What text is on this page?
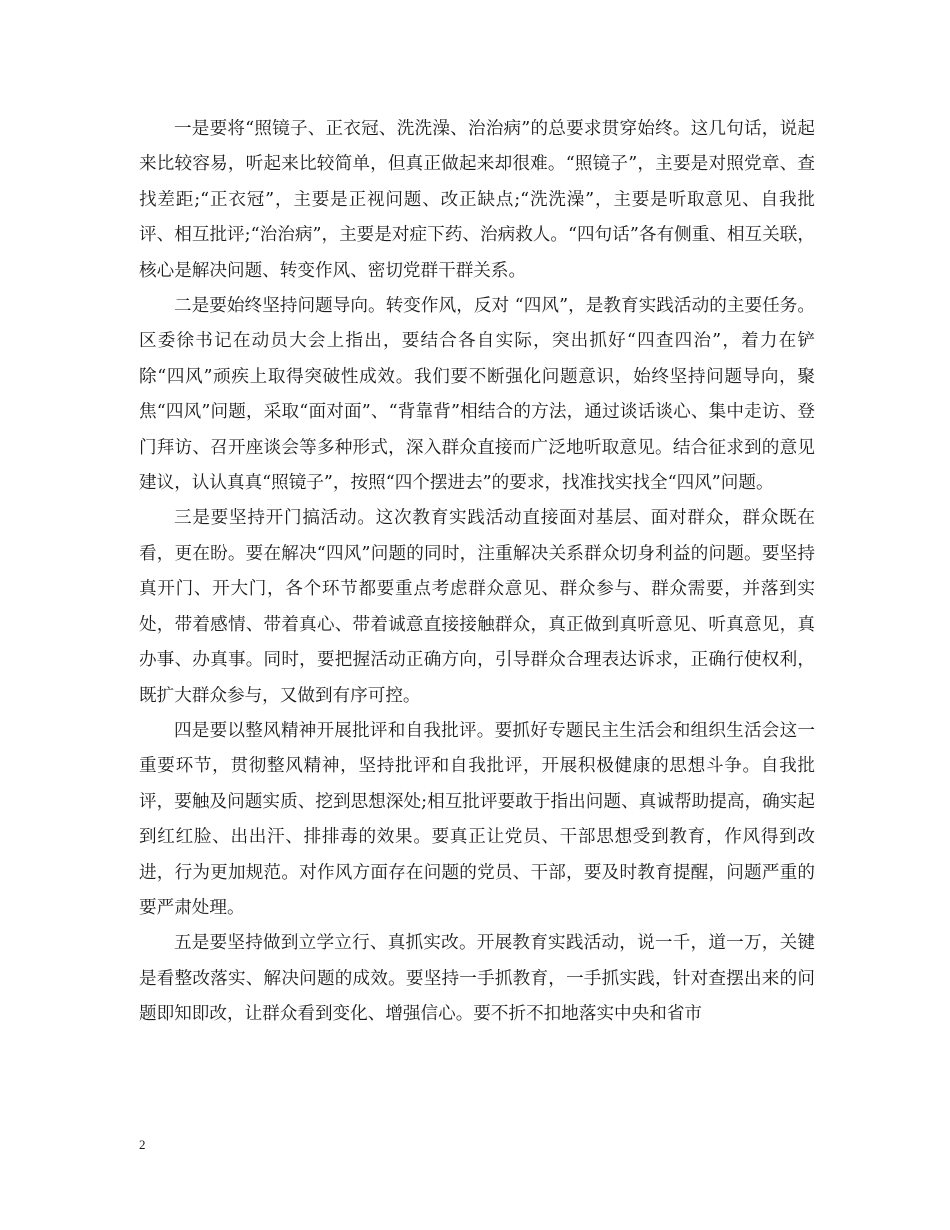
一是要将“照镜子、正衣冠、洗洗澡、治治病”的总要求贯穿始终。这几句话，说起来比较容易，听起来比较简单，但真正做起来却很难。“照镜子”，主要是对照党章、查找差距;“正衣冠”，主要是正视问题、改正缺点;“洗洗澡”，主要是听取意见、自我批评、相互批评;“治治病”，主要是对症下药、治病救人。“四句话”各有侧重、相互关联，核心是解决问题、转变作风、密切党群干群关系。

二是要始终坚持问题导向。转变作风，反对 “四风”，是教育实践活动的主要任务。区委徐书记在动员大会上指出，要结合各自实际，突出抓好“四查四治”，着力在铲除“四风”顽疾上取得突破性成效。我们要不断强化问题意识，始终坚持问题导向，聚焦“四风”问题，采取“面对面”、“背靠背”相结合的方法，通过谈话谈心、集中走访、登门拜访、召开座谈会等多种形式，深入群众直接而广泛地听取意见。结合征求到的意见建议，认认真真“照镜子”，按照“四个摆进去”的要求，找准找实找全“四风”问题。

三是要坚持开门搞活动。这次教育实践活动直接面对基层、面对群众，群众既在看，更在盼。要在解决“四风”问题的同时，注重解决关系群众切身利益的问题。要坚持真开门、开大门，各个环节都要重点考虑群众意见、群众参与、群众需要，并落到实处，带着感情、带着真心、带着诚意直接接触群众，真正做到真听意见、听真意见，真办事、办真事。同时，要把握活动正确方向，引导群众合理表达诉求，正确行使权利，既扩大群众参与，又做到有序可控。

四是要以整风精神开展批评和自我批评。要抓好专题民主生活会和组织生活会这一重要环节，贯彻整风精神，坚持批评和自我批评，开展积极健康的思想斗争。自我批评，要触及问题实质、挖到思想深处;相互批评要敢于指出问题、真诚帮助提高，确实起到红红脸、出出汗、排排毒的效果。要真正让党员、干部思想受到教育，作风得到改进，行为更加规范。对作风方面存在问题的党员、干部，要及时教育提醒，问题严重的要严肃处理。

五是要坚持做到立学立行、真抓实改。开展教育实践活动，说一千，道一万，关键是看整改落实、解决问题的成效。要坚持一手抓教育，一手抓实践，针对查摆出来的问题即知即改，让群众看到变化、增强信心。要不折不扣地落实中央和省市

2
